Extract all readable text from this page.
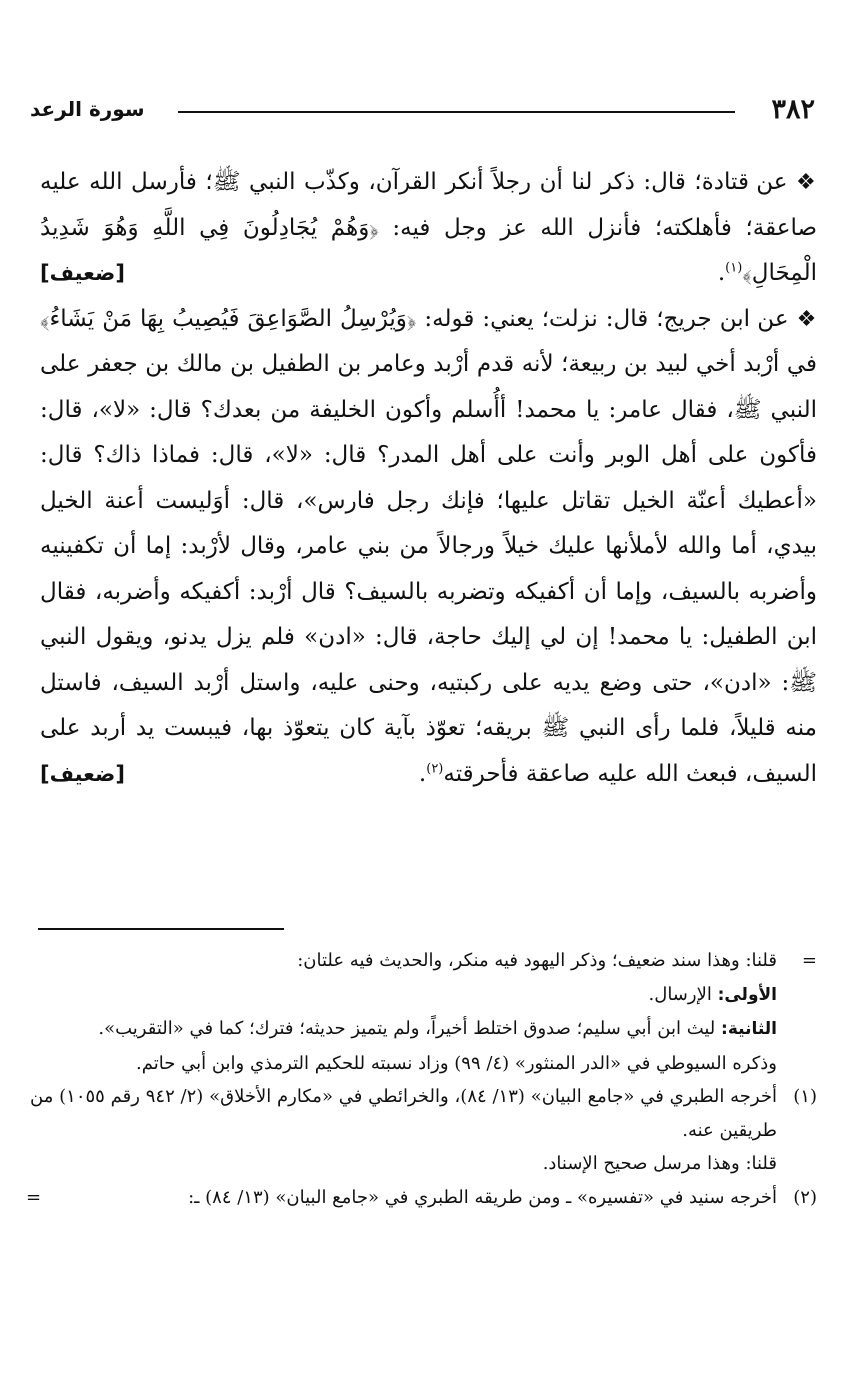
٣٨٢
سورة الرعد

❖ عن قتادة؛ قال: ذكر لنا أن رجلاً أنكر القرآن، وكذّب النبي ﷺ؛ فأرسل الله عليه صاعقة؛ فأهلكته؛ فأنزل الله عز وجل فيه: ﴿وَهُمْ يُجَادِلُونَ فِي اللَّهِ وَهُوَ شَدِيدُ الْمِحَالِ﴾$^{(١)}$.
[ضعيف]

❖ عن ابن جريج؛ قال: نزلت؛ يعني: قوله: ﴿وَيُرْسِلُ الصَّوَاعِقَ فَيُصِيبُ بِهَا مَنْ يَشَاءُ﴾ في أرْبد أخي لبيد بن ربيعة؛ لأنه قدم أرْبد وعامر بن الطفيل بن مالك بن جعفر على النبي ﷺ، فقال عامر: يا محمد! أأُسلم وأكون الخليفة من بعدك؟ قال: «لا»، قال: فأكون على أهل الوبر وأنت على أهل المدر؟ قال: «لا»، قال: فماذا ذاك؟ قال: «أعطيك أعنّة الخيل تقاتل عليها؛ فإنك رجل فارس»، قال: أوَليست أعنة الخيل بيدي، أما والله لأملأنها عليك خيلاً ورجالاً من بني عامر، وقال لأرْبد: إما أن تكفينيه وأضربه بالسيف، وإما أن أكفيكه وتضربه بالسيف؟ قال أرْبد: أكفيكه وأضربه، فقال ابن الطفيل: يا محمد! إن لي إليك حاجة، قال: «ادن» فلم يزل يدنو، ويقول النبي ﷺ: «ادن»، حتى وضع يديه على ركبتيه، وحنى عليه، واستل أرْبد السيف، فاستل منه قليلاً، فلما رأى النبي ﷺ بريقه؛ تعوّذ بآية كان يتعوّذ بها، فيبست يد أربد على السيف، فبعث الله عليه صاعقة فأحرقته$^{(٢)}$.
[ضعيف]

=

قلنا: وهذا سند ضعيف؛ وذكر اليهود فيه منكر، والحديث فيه علتان:

الأولى: الإرسال.

الثانية: ليث ابن أبي سليم؛ صدوق اختلط أخيراً، ولم يتميز حديثه؛ فترك؛ كما في «التقريب».

وذكره السيوطي في «الدر المنثور» (٤/ ٩٩) وزاد نسبته للحكيم الترمذي وابن أبي حاتم.

(١)

أخرجه الطبري في «جامع البيان» (١٣/ ٨٤)، والخرائطي في «مكارم الأخلاق» (٢/ ٩٤٢ رقم ١٠٥٥) من طريقين عنه.

قلنا: وهذا مرسل صحيح الإسناد.

(٢)

أخرجه سنيد في «تفسيره» ـ ومن طريقه الطبري في «جامع البيان» (١٣/ ٨٤) ـ:
=
